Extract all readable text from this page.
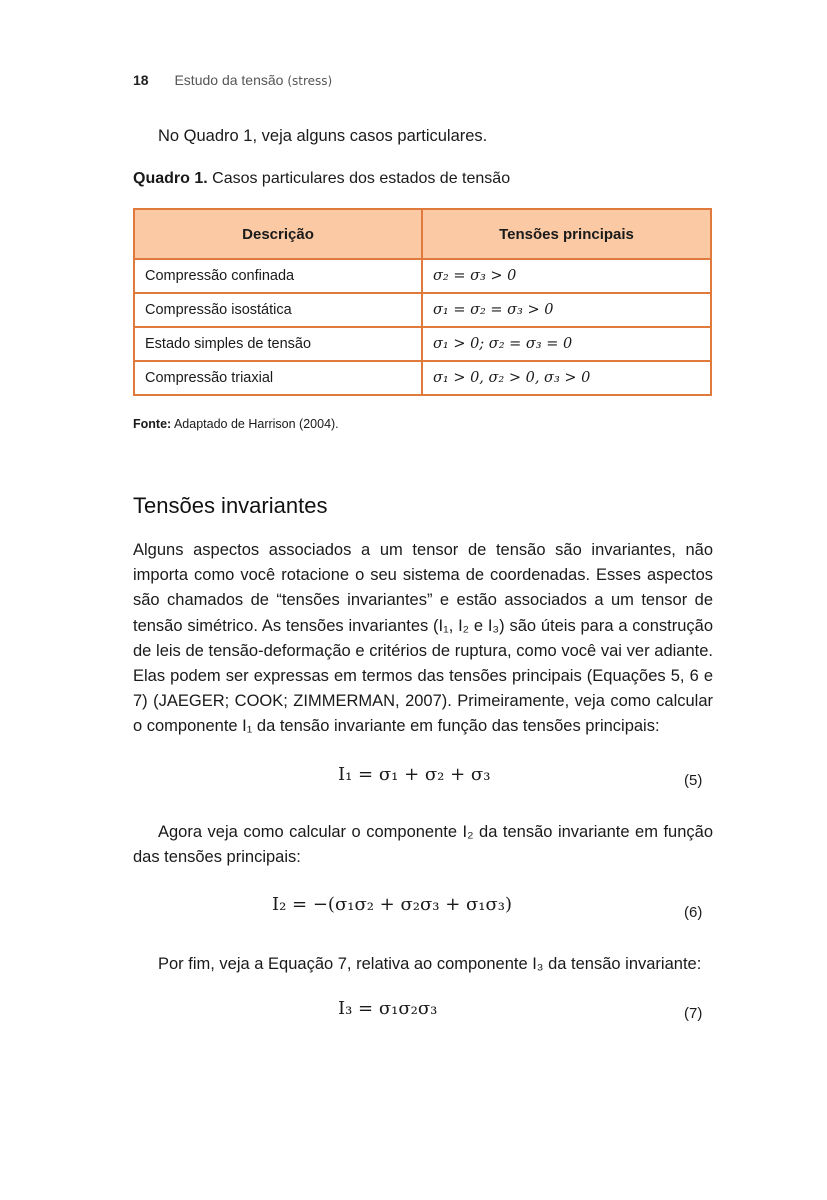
18 Estudo da tensão (stress)
No Quadro 1, veja alguns casos particulares.
Quadro 1. Casos particulares dos estados de tensão
Descrição	Tensões principais
Compressão confinada	σ₂ = σ₃ > 0
Compressão isostática	σ₁ = σ₂ = σ₃ > 0
Estado simples de tensão	σ₁ > 0; σ₂ = σ₃ = 0
Compressão triaxial	σ₁ > 0, σ₂ > 0, σ₃ > 0
Fonte: Adaptado de Harrison (2004).
Tensões invariantes
Alguns aspectos associados a um tensor de tensão são invariantes, não importa como você rotacione o seu sistema de coordenadas. Esses aspectos são chamados de “tensões invariantes” e estão associados a um tensor de tensão simétrico. As tensões invariantes (I₁, I₂ e I₃) são úteis para a construção de leis de tensão-deformação e critérios de ruptura, como você vai ver adiante. Elas podem ser expressas em termos das tensões principais (Equações 5, 6 e 7) (JAEGER; COOK; ZIMMERMAN, 2007). Primeiramente, veja como calcular o componente I₁ da tensão invariante em função das tensões principais:
I₁ = σ₁ + σ₂ + σ₃	(5)
Agora veja como calcular o componente I₂ da tensão invariante em função das tensões principais:
I₂ = −(σ₁σ₂ + σ₂σ₃ + σ₁σ₃)	(6)
Por fim, veja a Equação 7, relativa ao componente I₃ da tensão invariante:
I₃ = σ₁σ₂σ₃	(7)
